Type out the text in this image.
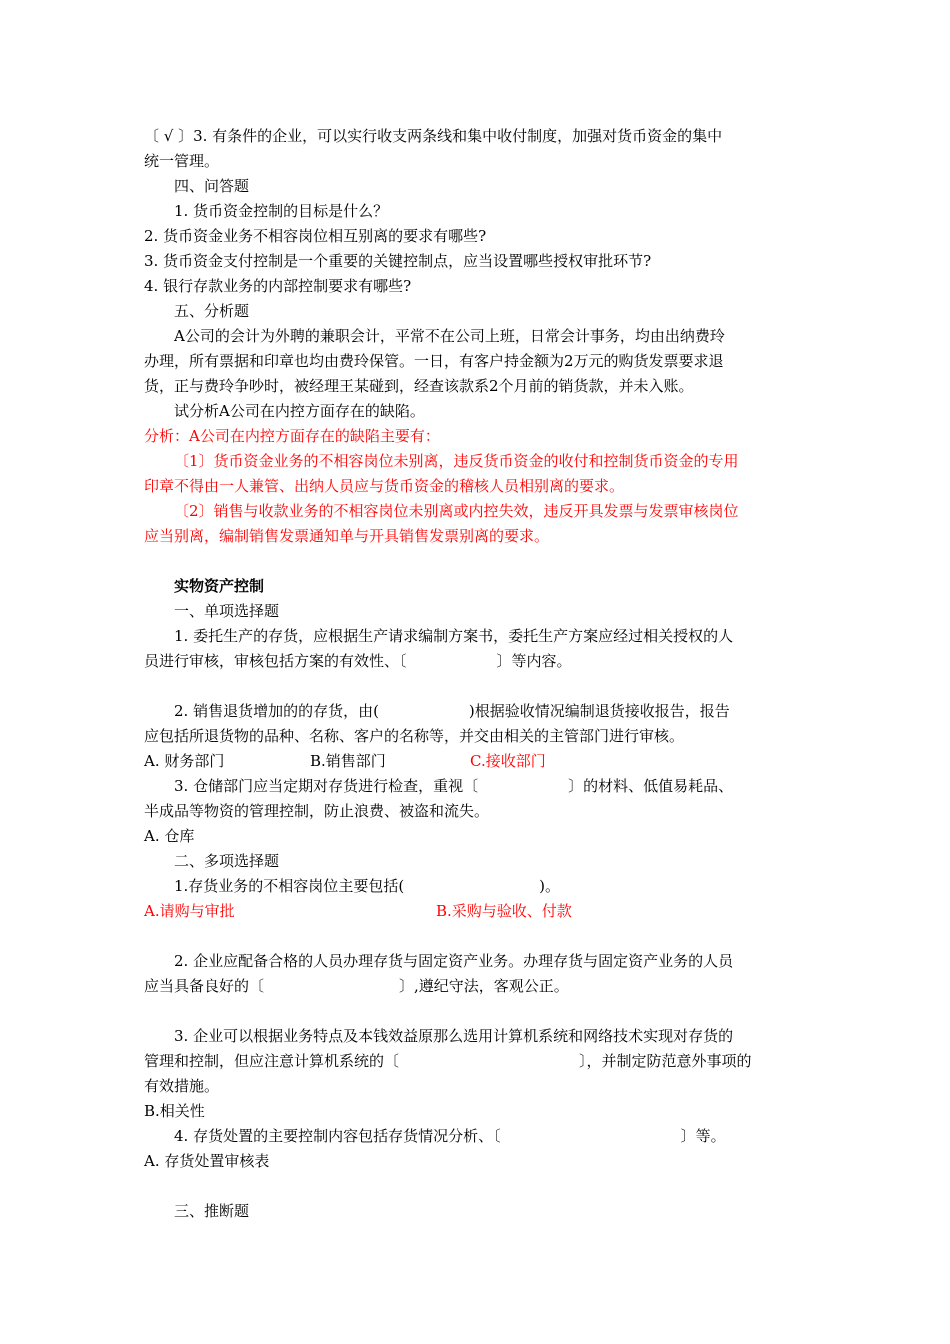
〔 √ 〕3. 有条件的企业，可以实行收支两条线和集中收付制度，加强对货币资金的集中
统一管理。
四、问答题
1. 货币资金控制的目标是什么？
2. 货币资金业务不相容岗位相互别离的要求有哪些?
3. 货币资金支付控制是一个重要的关键控制点，应当设置哪些授权审批环节?
4. 银行存款业务的内部控制要求有哪些?
五、分析题
A公司的会计为外聘的兼职会计，平常不在公司上班，日常会计事务，均由出纳费玲
办理，所有票据和印章也均由费玲保管。一日，有客户持金额为2万元的购货发票要求退
货，正与费玲争吵时，被经理王某碰到，经查该款系2个月前的销货款，并未入账。
试分析A公司在内控方面存在的缺陷。
分析：A公司在内控方面存在的缺陷主要有：
〔1〕货币资金业务的不相容岗位未别离，违反货币资金的收付和控制货币资金的专用
印章不得由一人兼管、出纳人员应与货币资金的稽核人员相别离的要求。
〔2〕销售与收款业务的不相容岗位未别离或内控失效，违反开具发票与发票审核岗位
应当别离，编制销售发票通知单与开具销售发票别离的要求。
实物资产控制
一、单项选择题
1. 委托生产的存货，应根据生产请求编制方案书，委托生产方案应经过相关授权的人
员进行审核，审核包括方案的有效性、〔　　　　　　〕等内容。
2. 销售退货增加的的存货，由(　　　　　　)根据验收情况编制退货接收报告，报告
应包括所退货物的品种、名称、客户的名称等，并交由相关的主管部门进行审核。
A. 财务部门	B.销售部门	C.接收部门
3. 仓储部门应当定期对存货进行检查，重视〔　　　　　　〕的材料、低值易耗品、
半成品等物资的管理控制，防止浪费、被盗和流失。
A. 仓库
二、多项选择题
1.存货业务的不相容岗位主要包括(　　　　　　　　　)。
A.请购与审批	B.采购与验收、付款
2. 企业应配备合格的人员办理存货与固定资产业务。办理存货与固定资产业务的人员
应当具备良好的〔　　　　　　　　　〕,遵纪守法，客观公正。
3. 企业可以根据业务特点及本钱效益原那么选用计算机系统和网络技术实现对存货的
管理和控制，但应注意计算机系统的〔　　　　　　　　　　　　〕，并制定防范意外事项的
有效措施。
B.相关性
4. 存货处置的主要控制内容包括存货情况分析、〔　　　　　　　　　　　　〕等。
A. 存货处置审核表
三、推断题
